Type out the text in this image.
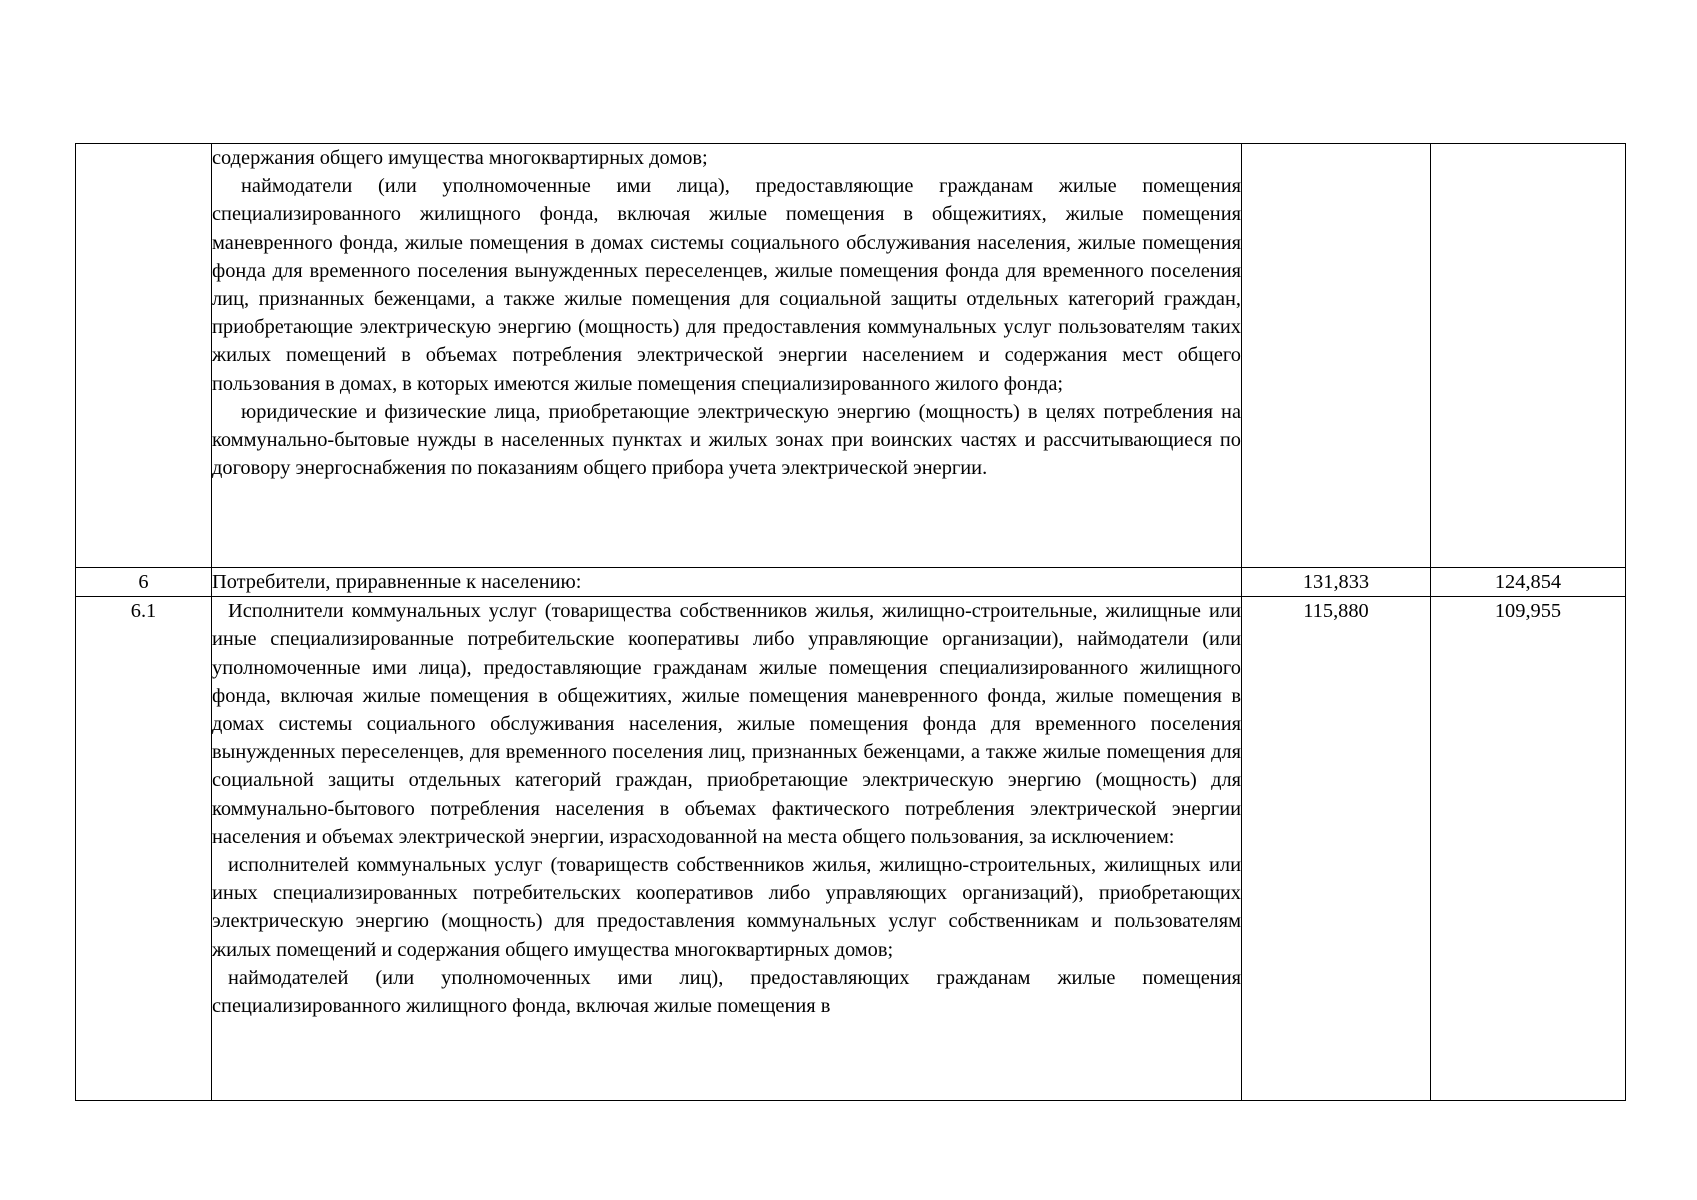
	содержания общего имущества многоквартирных домов;

наймодатели (или уполномоченные ими лица), предоставляющие гражданам жилые помещения специализированного жилищного фонда, включая жилые помещения в общежитиях, жилые помещения маневренного фонда, жилые помещения в домах системы социального обслуживания населения, жилые помещения фонда для временного поселения вынужденных переселенцев, жилые помещения фонда для временного поселения лиц, признанных беженцами, а также жилые помещения для социальной защиты отдельных категорий граждан, приобретающие электрическую энергию (мощность) для предоставления коммунальных услуг пользователям таких жилых помещений в объемах потребления электрической энергии населением и содержания мест общего пользования в домах, в которых имеются жилые помещения специализированного жилого фонда;

юридические и физические лица, приобретающие электрическую энергию (мощность) в целях потребления на коммунально-бытовые нужды в населенных пунктах и жилых зонах при воинских частях и рассчитывающиеся по договору энергоснабжения по показаниям общего прибора учета электрической энергии.		

6	Потребители, приравненные к населению:	131,833	124,854
6.1	Исполнители коммунальных услуг (товарищества собственников жилья, жилищно-строительные, жилищные или иные специализированные потребительские кооперативы либо управляющие организации), наймодатели (или уполномоченные ими лица), предоставляющие гражданам жилые помещения специализированного жилищного фонда, включая жилые помещения в общежитиях, жилые помещения маневренного фонда, жилые помещения в домах системы социального обслуживания населения, жилые помещения фонда для временного поселения вынужденных переселенцев, для временного поселения лиц, признанных беженцами, а также жилые помещения для социальной защиты отдельных категорий граждан, приобретающие электрическую энергию (мощность) для коммунально-бытового потребления населения в объемах фактического потребления электрической энергии населения и объемах электрической энергии, израсходованной на места общего пользования, за исключением:

исполнителей коммунальных услуг (товариществ собственников жилья, жилищно-строительных, жилищных или иных специализированных потребительских кооперативов либо управляющих организаций), приобретающих электрическую энергию (мощность) для предоставления коммунальных услуг собственникам и пользователям жилых помещений и содержания общего имущества многоквартирных домов;

наймодателей (или уполномоченных ими лиц), предоставляющих гражданам жилые помещения специализированного жилищного фонда, включая жилые помещения в	115,880	109,955
